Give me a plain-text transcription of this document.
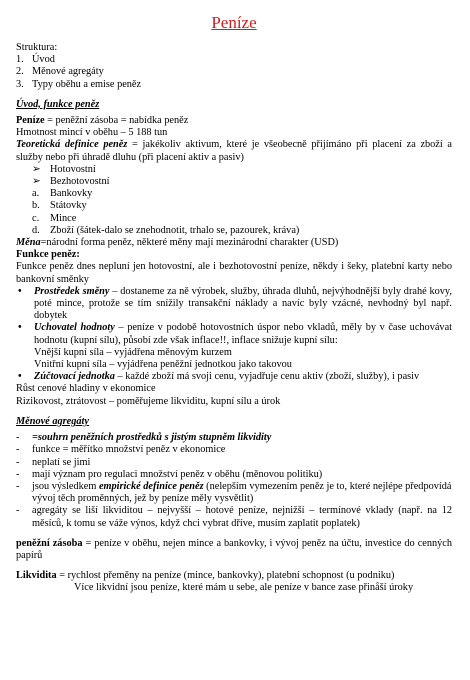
Peníze

Struktura:

1. Úvod
2. Měnové agregáty
3. Typy oběhu a emise peněz

Úvod, funkce peněz

Peníze = peněžní zásoba = nabídka peněz

Hmotnost mincí v oběhu – 5 188 tun

Teoretická definice peněz = jakékoliv aktivum, které je všeobecně přijímáno při placení za zboží a služby nebo při úhradě dluhu (při placení aktiv a pasiv)

➢ Hotovostní
➢ Bezhotovostní
a.	Bankovky
b. Státovky
c.	Mince
d. Zboží (šátek-dalo se znehodnotit, trhalo se, pazourek, kráva)

Měna=národní forma peněz, některé měny mají mezinárodní charakter (USD)

Funkce peněz:

Funkce peněz dnes nepluní jen hotovostní, ale i bezhotovostní peníze, někdy i šeky, platební karty nebo bankovní směnky

•	Prostředek směny – dostaneme za ně výrobek, služby, úhrada dluhů, nejvýhodnější byly drahé kovy, poté mince, protože se tím snížily transakční náklady a navíc byly vzácné, nevhodný byl např. dobytek
•	Uchovatel hodnoty – peníze v podobě hotovostních úspor nebo vkladů, měly by v čase uchovávat hodnotu (kupní sílu), působí zde však inflace!!, inflace snižuje kupní sílu:

Vnější kupní síla – vyjádřena měnovým kurzem

Vnitřní kupní síla – vyjádřena peněžní jednotkou jako takovou

•	Zúčtovací jednotka – každé zboží má svoji cenu, vyjadřuje cenu aktiv (zboží, služby), i pasiv

Růst cenové hladiny v ekonomice

Rizikovost, ztrátovost – poměřujeme likviditu, kupní sílu a úrok

Měnové agregáty

-	=souhrn peněžních prostředků s jistým stupněm likvidity
-	funkce = měřítko množství peněz v ekonomice
-	neplatí se jimi
-	mají význam pro regulaci množství peněz v oběhu (měnovou politiku)
-	jsou výsledkem empirické definice peněz (nelepším vymezením peněz je to, které nejlépe předpovídá vývoj těch proměnných, jež by peníze měly vysvětlit)
-	agregáty se liší likviditou – nejvyšší – hotové peníze, nejnižší – termínové vklady (např. na 12 měsíců, k tomu se váže výnos, když chci vybrat dříve, musím zaplatit poplatek)

peněžní zásoba = peníze v oběhu, nejen mince a bankovky, i vývoj peněz na účtu, investice do cenných papírů

Likvidita = rychlost přeměny na peníze (mince, bankovky), platební schopnost (u podniku)

Více likvidní jsou peníze, které mám u sebe, ale peníze v bance zase přinåší úroky
